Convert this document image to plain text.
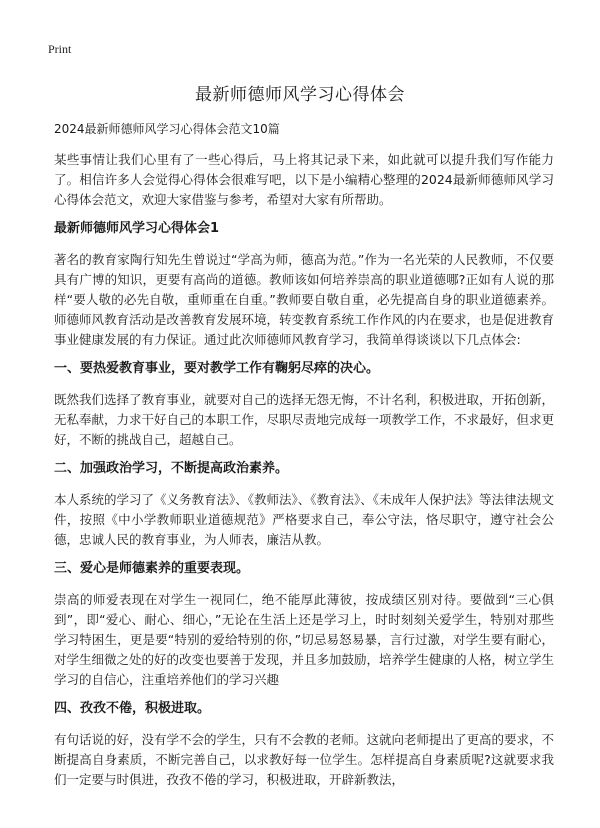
Print
最新师德师风学习心得体会

2024最新师德师风学习心得体会范文10篇

某些事情让我们心里有了一些心得后，马上将其记录下来，如此就可以提升我们写作能力了。相信许多人会觉得心得体会很难写吧，以下是小编精心整理的2024最新师德师风学习心得体会范文，欢迎大家借鉴与参考，希望对大家有所帮助。

最新师德师风学习心得体会1

著名的教育家陶行知先生曾说过“学高为师，德高为范。”作为一名光荣的人民教师，不仅要具有广博的知识，更要有高尚的道德。教师该如何培养崇高的职业道德哪?正如有人说的那样“要人敬的必先自敬，重师重在自重。”教师要自敬自重，必先提高自身的职业道德素养。师德师风教育活动是改善教育发展环境，转变教育系统工作作风的内在要求，也是促进教育事业健康发展的有力保证。通过此次师德师风教育学习，我简单得谈谈以下几点体会:

一、要热爱教育事业，要对教学工作有鞠躬尽瘁的决心。

既然我们选择了教育事业，就要对自己的选择无怨无悔，不计名利，积极进取，开拓创新，无私奉献，力求干好自己的本职工作，尽职尽责地完成每一项教学工作，不求最好，但求更好，不断的挑战自己，超越自己。

二、加强政治学习，不断提高政治素养。

本人系统的学习了《义务教育法》、《教师法》、《教育法》、《未成年人保护法》等法律法规文件，按照《中小学教师职业道德规范》严格要求自己，奉公守法，恪尽职守，遵守社会公德，忠诚人民的教育事业，为人师表，廉洁从教。

三、爱心是师德素养的重要表现。

崇高的师爱表现在对学生一视同仁，绝不能厚此薄彼，按成绩区别对待。要做到“三心俱到”，即“爱心、耐心、细心，”无论在生活上还是学习上，时时刻刻关爱学生，特别对那些学习特困生，更是要“特别的爱给特别的你，”切忌易怒易暴，言行过激，对学生要有耐心，对学生细微之处的好的改变也要善于发现，并且多加鼓励，培养学生健康的人格，树立学生学习的自信心，注重培养他们的学习兴趣

四、孜孜不倦，积极进取。

有句话说的好，没有学不会的学生，只有不会教的老师。这就向老师提出了更高的要求，不断提高自身素质，不断完善自己，以求教好每一位学生。怎样提高自身素质呢?这就要求我们一定要与时俱进，孜孜不倦的学习，积极进取，开辟新教法，
